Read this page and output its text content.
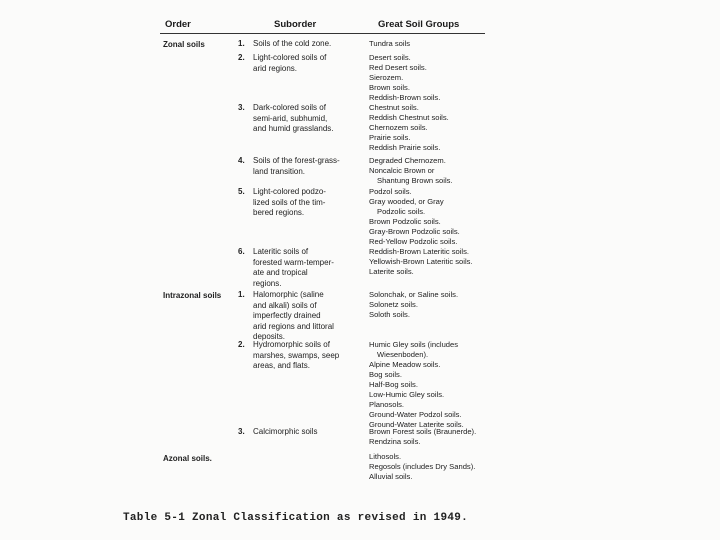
Order	Suborder	Great Soil Groups
Zonal soils
Intrazonal soils
Azonal soils.
1. Soils of the cold zone.
2. Light-colored soils of
arid regions.
3. Dark-colored soils of
semi-arid, subhumid,
and humid grasslands.
4. Soils of the forest-grass-
land transition.
5. Light-colored podzo-
lized soils of the tim-
bered regions.
6. Lateritic soils of
forested warm-temper-
ate and tropical
regions.
1. Halomorphic (saline
and alkali) soils of
imperfectly drained
arid regions and littoral
deposits.
2. Hydromorphic soils of
marshes, swamps, seep
areas, and flats.
3. Calcimorphic soils
Tundra soils
Desert soils.
Red Desert soils.
Sierozem.
Brown soils.
Reddish-Brown soils.
Chestnut soils.
Reddish Chestnut soils.
Chernozem soils.
Prairie soils.
Reddish Prairie soils.
Degraded Chernozem.
Noncalcic Brown or
Shantung Brown soils.
Podzol soils.
Gray wooded, or Gray
Podzolic soils.
Brown Podzolic soils.
Gray-Brown Podzolic soils.
Red-Yellow Podzolic soils.
Reddish-Brown Lateritic soils.
Yellowish-Brown Lateritic soils.
Laterite soils.
Solonchak, or Saline soils.
Solonetz soils.
Soloth soils.
Humic Gley soils (includes
Wiesenboden).
Alpine Meadow soils.
Bog soils.
Half-Bog soils.
Low-Humic Gley soils.
Planosols.
Ground-Water Podzol soils.
Ground-Water Laterite soils.
Brown Forest soils (Braunerde).
Rendzina soils.
Lithosols.
Regosols (includes Dry Sands).
Alluvial soils.
Table 5-1 Zonal Classification as revised in 1949.
